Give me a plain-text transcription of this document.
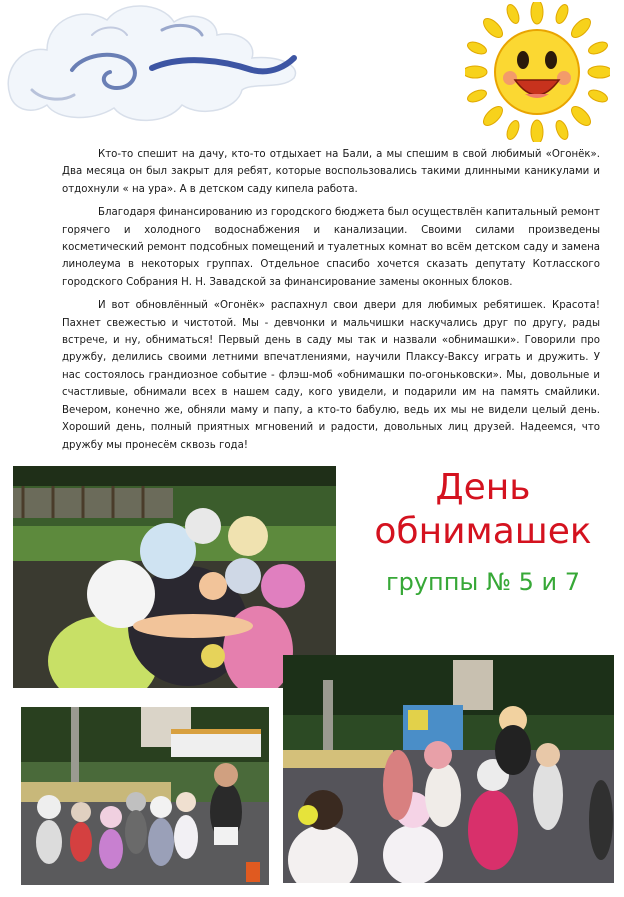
Кто-то спешит на дачу, кто-то отдыхает на Бали, а мы спешим в свой любимый «Огонёк». Два месяца он был закрыт для ребят, которые воспользовались такими длинными каникулами и отдохнули « на ура». А в детском саду кипела работа.

Благодаря финансированию из городского бюджета был осуществлён капитальный ремонт горячего и холодного водоснабжения и канализации. Своими силами произведены косметический ремонт подсобных помещений и туалетных комнат во всём детском саду и замена линолеума в некоторых группах. Отдельное спасибо хочется сказать депутату Котласского городского Собрания Н. Н. Завадской за финансирование замены оконных блоков.

И вот обновлённый «Огонёк» распахнул свои двери для любимых ребятишек. Красота! Пахнет свежестью и чистотой. Мы - девчонки и мальчишки наскучались друг по другу, рады встрече, и ну, обниматься! Первый день в саду мы так и назвали «обнимашки». Говорили про дружбу, делились своими летними впечатлениями, научили Плаксу-Ваксу играть и дружить. У нас состоялось грандиозное событие - флэш-моб «обнимашки по-огоньковски». Мы, довольные и счастливые, обнимали всех в нашем саду, кого увидели, и подарили им на память смайлики. Вечером, конечно же, обняли маму и папу, а кто-то бабулю, ведь их мы не видели целый день. Хороший день, полный приятных мгновений и радости, довольных лиц друзей. Надеемся, что дружбу мы пронесём сквозь года!

День
обнимашек
группы № 5 и 7
